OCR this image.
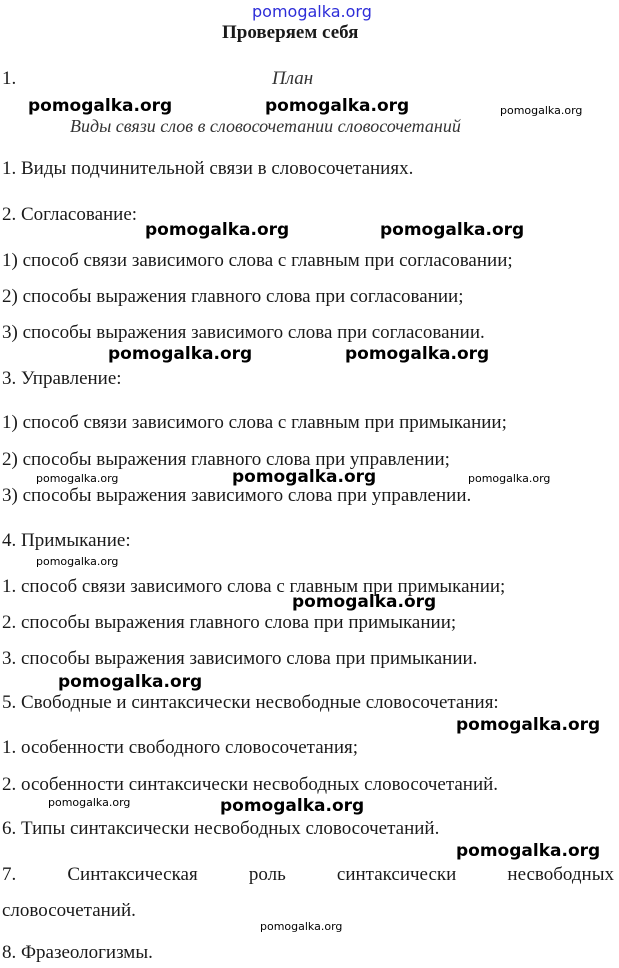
pomogalka.org
Проверяем себя
1.	План
pomogalka.org	pomogalka.org	pomogalka.org
Виды связи слов в словосочетании словосочетаний
1. Виды подчинительной связи в словосочетаниях.
2. Согласование:
pomogalka.org	pomogalka.org
1) способ связи зависимого слова с главным при согласовании;
2) способы выражения главного слова при согласовании;
3) способы выражения зависимого слова при согласовании.
pomogalka.org	pomogalka.org
3. Управление:
1) способ связи зависимого слова с главным при примыкании;
2) способы выражения главного слова при управлении;
pomogalka.org	pomogalka.org	pomogalka.org
3) способы выражения зависимого слова при управлении.
4. Примыкание:
pomogalka.org
1. способ связи зависимого слова с главным при примыкании;
pomogalka.org
2. способы выражения главного слова при примыкании;
3. способы выражения зависимого слова при примыкании.
pomogalka.org
5. Свободные и синтаксически несвободные словосочетания:
pomogalka.org
1. особенности свободного словосочетания;
2. особенности синтаксически несвободных словосочетаний.
pomogalka.org	pomogalka.org
6. Типы синтаксически несвободных словосочетаний.
pomogalka.org
7.	Синтаксическая	роль	синтаксически	несвободных
словосочетаний.
pomogalka.org
8. Фразеологизмы.
